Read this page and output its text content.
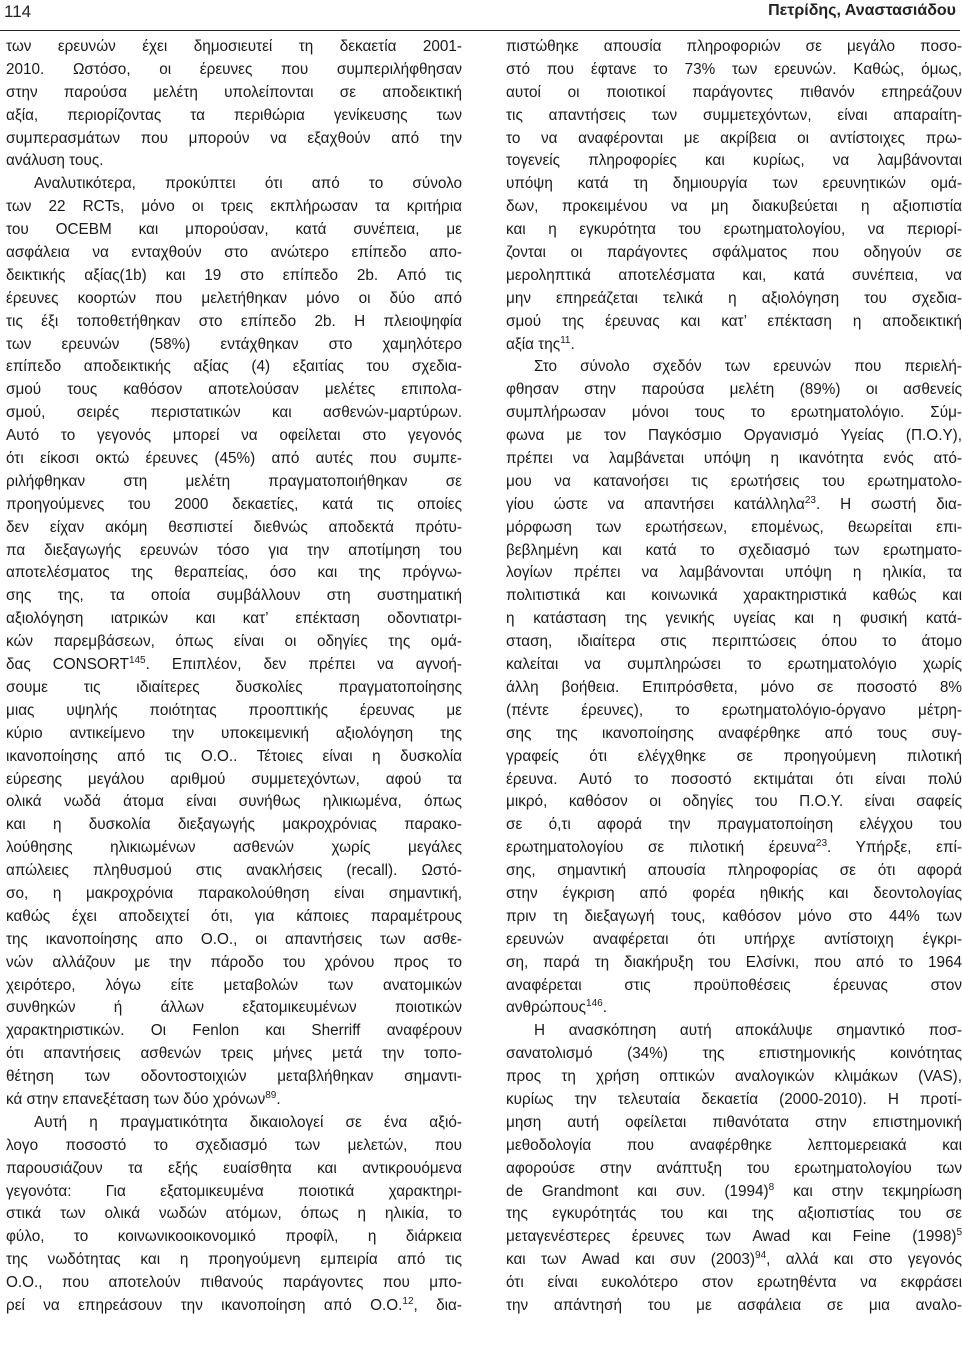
114	Πετρίδης, Αναστασιάδου
των ερευνών έχει δημοσιευτεί τη δεκαετία 2001-
2010. Ωστόσο, οι έρευνες που συμπεριλήφθησαν
στην παρούσα μελέτη υπολείπονται σε αποδεικτική
αξία, περιορίζοντας τα περιθώρια γενίκευσης των
συμπερασμάτων που μπορούν να εξαχθούν από την
ανάλυση τους.
Αναλυτικότερα, προκύπτει ότι από το σύνολο
των 22 RCTs, μόνο οι τρεις εκπλήρωσαν τα κριτήρια
του OCEBM και μπορούσαν, κατά συνέπεια, με
ασφάλεια να ενταχθούν στο ανώτερο επίπεδο απο-
δεικτικής αξίας(1b) και 19 στο επίπεδο 2b. Από τις
έρευνες κοορτών που μελετήθηκαν μόνο οι δύο από
τις έξι τοποθετήθηκαν στο επίπεδο 2b. Η πλειοψηφία
των ερευνών (58%) εντάχθηκαν στο χαμηλότερο
επίπεδο αποδεικτικής αξίας (4) εξαιτίας του σχεδια-
σμού τους καθόσον αποτελούσαν μελέτες επιπολα-
σμού, σειρές περιστατικών και ασθενών-μαρτύρων.
Αυτό το γεγονός μπορεί να οφείλεται στο γεγονός
ότι είκοσι οκτώ έρευνες (45%) από αυτές που συμπε-
ριλήφθηκαν στη μελέτη πραγματοποιήθηκαν σε
προηγούμενες του 2000 δεκαετίες, κατά τις οποίες
δεν είχαν ακόμη θεσπιστεί διεθνώς αποδεκτά πρότυ-
πα διεξαγωγής ερευνών τόσο για την αποτίμηση του
αποτελέσματος της θεραπείας, όσο και της πρόγνω-
σης της, τα οποία συμβάλλουν στη συστηματική
αξιολόγηση ιατρικών και κατ’ επέκταση οδοντιατρι-
κών παρεμβάσεων, όπως είναι οι οδηγίες της ομά-
δας CONSORT$^{145}$. Επιπλέον, δεν πρέπει να αγνοή-
σουμε τις ιδιαίτερες δυσκολίες πραγματοποίησης
μιας υψηλής ποιότητας προοπτικής έρευνας με
κύριο αντικείμενο την υποκειμενική αξιολόγηση της
ικανοποίησης από τις Ο.Ο.. Τέτοιες είναι η δυσκολία
εύρεσης μεγάλου αριθμού συμμετεχόντων, αφού τα
ολικά νωδά άτομα είναι συνήθως ηλικιωμένα, όπως
και η δυσκολία διεξαγωγής μακροχρόνιας παρακο-
λούθησης ηλικιωμένων ασθενών χωρίς μεγάλες
απώλειες πληθυσμού στις ανακλήσεις (recall). Ωστό-
σο, η μακροχρόνια παρακολούθηση είναι σημαντική,
καθώς έχει αποδειχτεί ότι, για κάποιες παραμέτρους
της ικανοποίησης απο Ο.Ο., οι απαντήσεις των ασθε-
νών αλλάζουν με την πάροδο του χρόνου προς το
χειρότερο, λόγω είτε μεταβολών των ανατομικών
συνθηκών ή άλλων εξατομικευμένων ποιοτικών
χαρακτηριστικών. Οι Fenlon και Sherriff αναφέρουν
ότι απαντήσεις ασθενών τρεις μήνες μετά την τοπο-
θέτηση των οδοντοστοιχιών μεταβλήθηκαν σημαντι-
κά στην επανεξέταση των δύο χρόνων$^{89}$.
Αυτή η πραγματικότητα δικαιολογεί σε ένα αξιό-
λογο ποσοστό το σχεδιασμό των μελετών, που
παρουσιάζουν τα εξής ευαίσθητα και αντικρουόμενα
γεγονότα: Για εξατομικευμένα ποιοτικά χαρακτηρι-
στικά των ολικά νωδών ατόμων, όπως η ηλικία, το
φύλο, το κοινωνικοοικονομικό προφίλ, η διάρκεια
της νωδότητας και η προηγούμενη εμπειρία από τις
Ο.Ο., που αποτελούν πιθανούς παράγοντες που μπο-
ρεί να επηρεάσουν την ικανοποίηση από Ο.Ο.$^{12}$, δια-
πιστώθηκε απουσία πληροφοριών σε μεγάλο ποσο-
στό που έφτανε το 73% των ερευνών. Καθώς, όμως,
αυτοί οι ποιοτικοί παράγοντες πιθανόν επηρεάζουν
τις απαντήσεις των συμμετεχόντων, είναι απαραίτη-
το να αναφέρονται με ακρίβεια οι αντίστοιχες πρω-
τογενείς πληροφορίες και κυρίως, να λαμβάνονται
υπόψη κατά τη δημιουργία των ερευνητικών ομά-
δων, προκειμένου να μη διακυβεύεται η αξιοπιστία
και η εγκυρότητα του ερωτηματολογίου, να περιορί-
ζονται οι παράγοντες σφάλματος που οδηγούν σε
μεροληπτικά αποτελέσματα και, κατά συνέπεια, να
μην επηρεάζεται τελικά η αξιολόγηση του σχεδια-
σμού της έρευνας και κατ’ επέκταση η αποδεικτική
αξία της$^{11}$.
Στο σύνολο σχεδόν των ερευνών που περιελή-
φθησαν στην παρούσα μελέτη (89%) οι ασθενείς
συμπλήρωσαν μόνοι τους το ερωτηματολόγιο. Σύμ-
φωνα με τον Παγκόσμιο Οργανισμό Υγείας (Π.Ο.Υ),
πρέπει να λαμβάνεται υπόψη η ικανότητα ενός ατό-
μου να κατανοήσει τις ερωτήσεις του ερωτηματολο-
γίου ώστε να απαντήσει κατάλληλα$^{23}$. Η σωστή δια-
μόρφωση των ερωτήσεων, επομένως, θεωρείται επι-
βεβλημένη και κατά το σχεδιασμό των ερωτηματο-
λογίων πρέπει να λαμβάνονται υπόψη η ηλικία, τα
πολιτιστικά και κοινωνικά χαρακτηριστικά καθώς και
η κατάσταση της γενικής υγείας και η φυσική κατά-
σταση, ιδιαίτερα στις περιπτώσεις όπου το άτομο
καλείται να συμπληρώσει το ερωτηματολόγιο χωρίς
άλλη βοήθεια. Επιπρόσθετα, μόνο σε ποσοστό 8%
(πέντε έρευνες), το ερωτηματολόγιο-όργανο μέτρη-
σης της ικανοποίησης αναφέρθηκε από τους συγ-
γραφείς ότι ελέγχθηκε σε προηγούμενη πιλοτική
έρευνα. Αυτό το ποσοστό εκτιμάται ότι είναι πολύ
μικρό, καθόσον οι οδηγίες του Π.Ο.Υ. είναι σαφείς
σε ό,τι αφορά την πραγματοποίηση ελέγχου του
ερωτηματολογίου σε πιλοτική έρευνα$^{23}$. Υπήρξε, επί-
σης, σημαντική απουσία πληροφορίας σε ότι αφορά
στην έγκριση από φορέα ηθικής και δεοντολογίας
πριν τη διεξαγωγή τους, καθόσον μόνο στο 44% των
ερευνών αναφέρεται ότι υπήρχε αντίστοιχη έγκρι-
ση, παρά τη διακήρυξη του Ελσίνκι, που από το 1964
αναφέρεται στις προϋποθέσεις έρευνας στον
ανθρώπους$^{146}$.
Η ανασκόπηση αυτή αποκάλυψε σημαντικό ποσ-
σανατολισμό (34%) της επιστημονικής κοινότητας
προς τη χρήση οπτικών αναλογικών κλιμάκων (VAS),
κυρίως την τελευταία δεκαετία (2000-2010). Η προτί-
μηση αυτή οφείλεται πιθανότατα στην επιστημονική
μεθοδολογία που αναφέρθηκε λεπτομερειακά και
αφορούσε στην ανάπτυξη του ερωτηματολογίου των
de Grandmont και συν. $(1994)^8$ και στην τεκμηρίωση
της εγκυρότητάς του και της αξιοπιστίας του σε
μεταγενέστερες έρευνες των Awad και Feine $(1998)^5$
και των Awad και συν $(2003)^{94}$, αλλά και στο γεγονός
ότι είναι ευκολότερο στον ερωτηθέντα να εκφράσει
την απάντησή του με ασφάλεια σε μια αναλο-
